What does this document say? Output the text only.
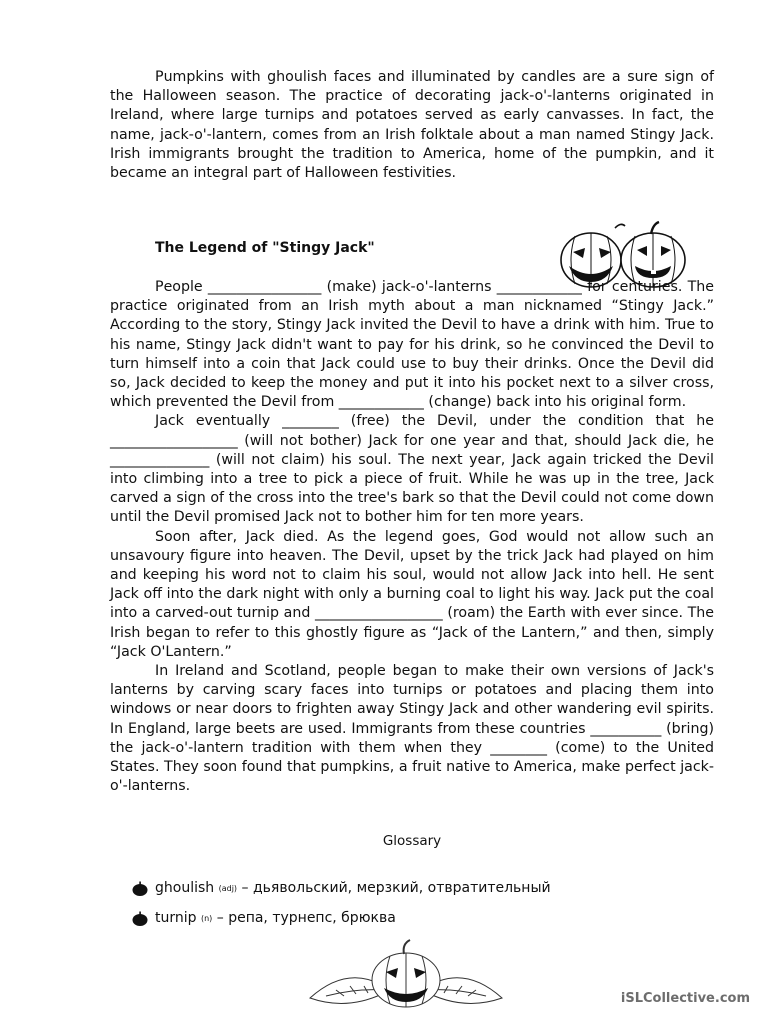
Pumpkins with ghoulish faces and illuminated by candles are a sure sign of the Halloween season. The practice of decorating jack-o'-lanterns originated in Ireland, where large turnips and potatoes served as early canvasses. In fact, the name, jack-o'-lantern, comes from an Irish folktale about a man named Stingy Jack. Irish immigrants brought the tradition to America, home of the pumpkin, and it became an integral part of Halloween festivities.

The Legend of "Stingy Jack"

People ________________ (make) jack-o'-lanterns ____________ for centuries. The practice originated from an Irish myth about a man nicknamed “Stingy Jack.” According to the story, Stingy Jack invited the Devil to have a drink with him. True to his name, Stingy Jack didn't want to pay for his drink, so he convinced the Devil to turn himself into a coin that Jack could use to buy their drinks. Once the Devil did so, Jack decided to keep the money and put it into his pocket next to a silver cross, which prevented the Devil from ____________ (change) back into his original form.

Jack eventually ________ (free) the Devil, under the condition that he __________________ (will not bother) Jack for one year and that, should Jack die, he ______________ (will not claim) his soul. The next year, Jack again tricked the Devil into climbing into a tree to pick a piece of fruit. While he was up in the tree, Jack carved a sign of the cross into the tree's bark so that the Devil could not come down until the Devil promised Jack not to bother him for ten more years.

Soon after, Jack died. As the legend goes, God would not allow such an unsavoury figure into heaven. The Devil, upset by the trick Jack had played on him and keeping his word not to claim his soul, would not allow Jack into hell. He sent Jack off into the dark night with only a burning coal to light his way. Jack put the coal into a carved-out turnip and __________________ (roam) the Earth with ever since. The Irish began to refer to this ghostly figure as “Jack of the Lantern,” and then, simply “Jack O'Lantern.”

In Ireland and Scotland, people began to make their own versions of Jack's lanterns by carving scary faces into turnips or potatoes and placing them into windows or near doors to frighten away Stingy Jack and other wandering evil spirits. In England, large beets are used. Immigrants from these countries __________ (bring) the jack-o'-lantern tradition with them when they ________ (come) to the United States. They soon found that pumpkins, a fruit native to America, make perfect jack-o'-lanterns.

Glossary
ghoulish
(adj)
– дьявольский, мерзкий, отвратительный
turnip
(n)
– репа, турнепс, брюква
iSLCollective.com
